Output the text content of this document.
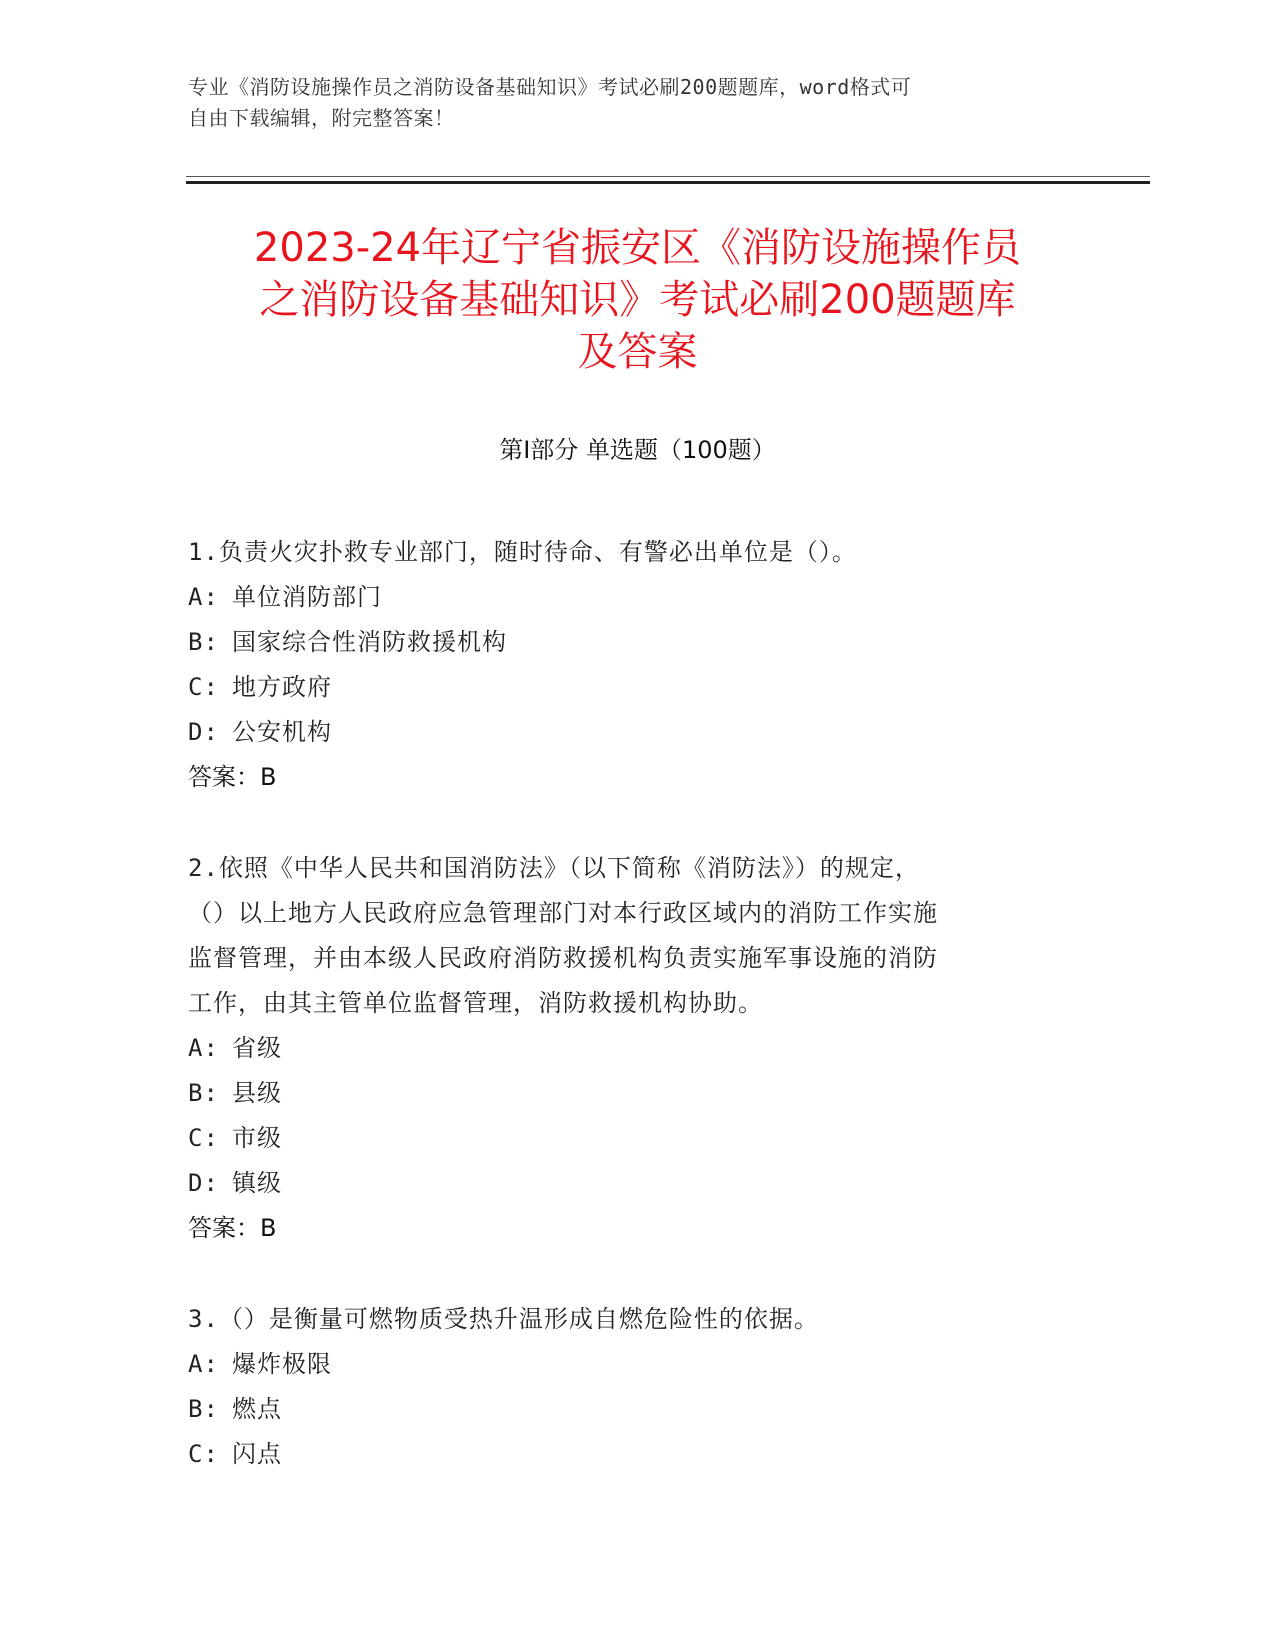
专业《消防设施操作员之消防设备基础知识》考试必刷200题题库，word格式可
自由下载编辑，附完整答案！
2023-24年辽宁省振安区《消防设施操作员
之消防设备基础知识》考试必刷200题题库
及答案
第Ⅰ部分 单选题（100题）
1.负责火灾扑救专业部门，随时待命、有警必出单位是（）。
A: 单位消防部门
B: 国家综合性消防救援机构
C: 地方政府
D: 公安机构
答案：B
2.依照《中华人民共和国消防法》（以下简称《消防法》）的规定，
（）以上地方人民政府应急管理部门对本行政区域内的消防工作实施
监督管理，并由本级人民政府消防救援机构负责实施军事设施的消防
工作，由其主管单位监督管理，消防救援机构协助。
A: 省级
B: 县级
C: 市级
D: 镇级
答案：B
3.（）是衡量可燃物质受热升温形成自燃危险性的依据。
A: 爆炸极限
B: 燃点
C: 闪点
